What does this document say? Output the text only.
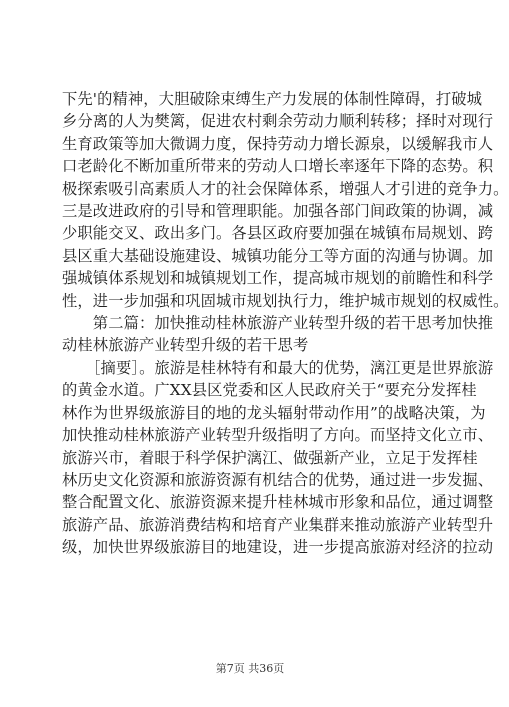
下先'的精神，大胆破除束缚生产力发展的体制性障碍，打破城
乡分离的人为樊篱，促进农村剩余劳动力顺利转移；择时对现行
生育政策等加大微调力度，保持劳动力增长源泉，以缓解我市人
口老龄化不断加重所带来的劳动人口增长率逐年下降的态势。积
极探索吸引高素质人才的社会保障体系，增强人才引进的竞争力。
三是改进政府的引导和管理职能。加强各部门间政策的协调，减
少职能交叉、政出多门。各县区政府要加强在城镇布局规划、跨
县区重大基础设施建设、城镇功能分工等方面的沟通与协调。加
强城镇体系规划和城镇规划工作，提高城市规划的前瞻性和科学
性，进一步加强和巩固城市规划执行力，维护城市规划的权威性。
　　第二篇：加快推动桂林旅游产业转型升级的若干思考加快推
动桂林旅游产业转型升级的若干思考
　　［摘要］。旅游是桂林特有和最大的优势，漓江更是世界旅游
的黄金水道。广XX县区党委和区人民政府关于“要充分发挥桂
林作为世界级旅游目的地的龙头辐射带动作用”的战略决策，为
加快推动桂林旅游产业转型升级指明了方向。而坚持文化立市、
旅游兴市，着眼于科学保护漓江、做强新产业，立足于发挥桂
林历史文化资源和旅游资源有机结合的优势，通过进一步发掘、
整合配置文化、旅游资源来提升桂林城市形象和品位，通过调整
旅游产品、旅游消费结构和培育产业集群来推动旅游产业转型升
级，加快世界级旅游目的地建设，进一步提高旅游对经济的拉动
第7页 共36页
